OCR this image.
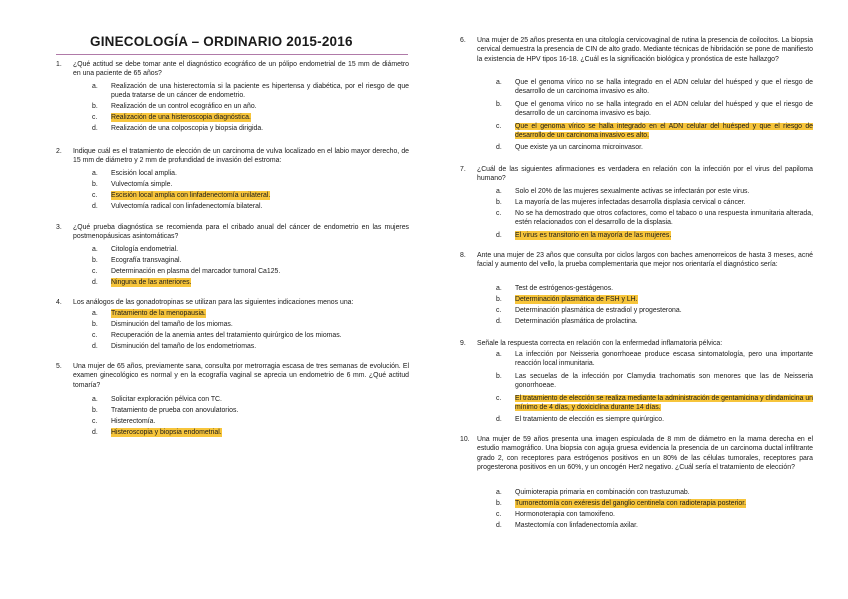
GINECOLOGÍA – ORDINARIO 2015-2016
1. ¿Qué actitud se debe tomar ante el diagnóstico ecográfico de un pólipo endometrial de 15 mm de diámetro en una paciente de 65 años?
a. Realización de una histerectomía si la paciente es hipertensa y diabética, por el riesgo de que pueda tratarse de un cáncer de endometrio.
b. Realización de un control ecográfico en un año.
c. Realización de una histeroscopia diagnóstica.
d. Realización de una colposcopia y biopsia dirigida.
2. Indique cuál es el tratamiento de elección de un carcinoma de vulva localizado en el labio mayor derecho, de 15 mm de diámetro y 2 mm de profundidad de invasión del estroma:
a. Escisión local amplia.
b. Vulvectomía simple.
c. Escisión local amplia con linfadenectomía unilateral.
d. Vulvectomía radical con linfadenectomía bilateral.
3. ¿Qué prueba diagnóstica se recomienda para el cribado anual del cáncer de endometrio en las mujeres postmenopáusicas asintomáticas?
a. Citología endometrial.
b. Ecografía transvaginal.
c. Determinación en plasma del marcador tumoral Ca125.
d. Ninguna de las anteriores.
4. Los análogos de las gonadotropinas se utilizan para las siguientes indicaciones menos una:
a. Tratamiento de la menopausia.
b. Disminución del tamaño de los miomas.
c. Recuperación de la anemia antes del tratamiento quirúrgico de los miomas.
d. Disminución del tamaño de los endometriomas.
5. Una mujer de 65 años, previamente sana, consulta por metrorragia escasa de tres semanas de evolución. El examen ginecológico es normal y en la ecografía vaginal se aprecia un endometrio de 6 mm. ¿Qué actitud tomaría?
a. Solicitar exploración pélvica con TC.
b. Tratamiento de prueba con anovulatorios.
c. Histerectomía.
d. Histeroscopia y biopsia endometrial.
6. Una mujer de 25 años presenta en una citología cervicovaginal de rutina la presencia de coilocitos. La biopsia cervical demuestra la presencia de CIN de alto grado. Mediante técnicas de hibridación se pone de manifiesto la existencia de HPV tipos 16-18. ¿Cuál es la significación biológica y pronóstica de este hallazgo?
a. Que el genoma vírico no se halla integrado en el ADN celular del huésped y que el riesgo de desarrollo de un carcinoma invasivo es alto.
b. Que el genoma vírico no se halla integrado en el ADN celular del huésped y que el riesgo de desarrollo de un carcinoma invasivo es bajo.
c. Que el genoma vírico se halla integrado en el ADN celular del huésped y que el riesgo de desarrollo de un carcinoma invasivo es alto.
d. Que existe ya un carcinoma microinvasor.
7. ¿Cuál de las siguientes afirmaciones es verdadera en relación con la infección por el virus del papiloma humano?
a. Solo el 20% de las mujeres sexualmente activas se infectarán por este virus.
b. La mayoría de las mujeres infectadas desarrolla displasia cervical o cáncer.
c. No se ha demostrado que otros cofactores, como el tabaco o una respuesta inmunitaria alterada, estén relacionados con el desarrollo de la displasia.
d. El virus es transitorio en la mayoría de las mujeres.
8. Ante una mujer de 23 años que consulta por ciclos largos con baches amenorreicos de hasta 3 meses, acné facial y aumento del vello, la prueba complementaria que mejor nos orientaría el diagnóstico sería:
a. Test de estrógenos-gestágenos.
b. Determinación plasmática de FSH y LH.
c. Determinación plasmática de estradiol y progesterona.
d. Determinación plasmática de prolactina.
9. Señale la respuesta correcta en relación con la enfermedad inflamatoria pélvica:
a. La infección por Neisseria gonorrhoeae produce escasa sintomatología, pero una importante reacción local inmunitaria.
b. Las secuelas de la infección por Clamydia trachomatis son menores que las de Neisseria gonorrhoeae.
c. El tratamiento de elección se realiza mediante la administración de gentamicina y clindamicina un mínimo de 4 días, y doxiciclina durante 14 días.
d. El tratamiento de elección es siempre quirúrgico.
10. Una mujer de 59 años presenta una imagen espiculada de 8 mm de diámetro en la mama derecha en el estudio mamográfico. Una biopsia con aguja gruesa evidencia la presencia de un carcinoma ductal infiltrante grado 2, con receptores para estrógenos positivos en un 80% de las células tumorales, receptores para progesterona positivos en un 60%, y un oncogén Her2 negativo. ¿Cuál sería el tratamiento de elección?
a. Quimioterapia primaria en combinación con trastuzumab.
b. Tumorectomía con exéresis del ganglio centinela con radioterapia posterior.
c. Hormonoterapia con tamoxifeno.
d. Mastectomía con linfadenectomía axilar.
